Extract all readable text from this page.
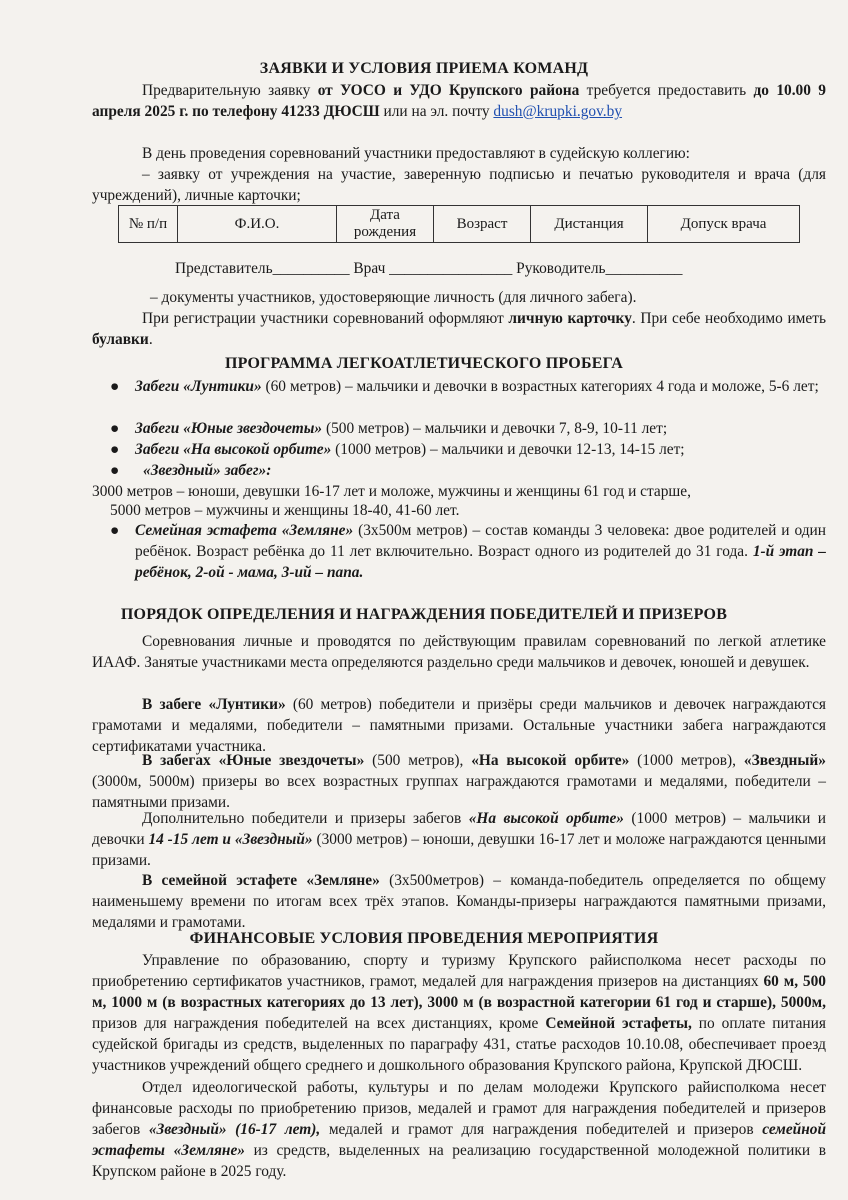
ЗАЯВКИ И УСЛОВИЯ ПРИЕМА КОМАНД

Предварительную заявку от УОСО и УДО Крупского района требуется предоставить до 10.00 9 апреля 2025 г. по телефону 41233 ДЮСШ или на эл. почту dush@krupki.gov.by

В день проведения соревнований участники предоставляют в судейскую коллегию:

– заявку от учреждения на участие, заверенную подписью и печатью руководителя и врача (для учреждений), личные карточки;

№ п/п	Ф.И.О.	Дата рождения	Возраст	Дистанция	Допуск врача
Представитель__________ Врач ________________ Руководитель__________

– документы участников, удостоверяющие личность (для личного забега).

При регистрации участники соревнований оформляют личную карточку. При себе необходимо иметь булавки.

ПРОГРАММА ЛЕГКОАТЛЕТИЧЕСКОГО ПРОБЕГА
● Забеги «Лунтики» (60 метров) – мальчики и девочки в возрастных категориях 4 года и моложе, 5-6 лет;
● Забеги «Юные звездочеты» (500 метров) – мальчики и девочки 7, 8-9, 10-11 лет;
● Забеги «На высокой орбите» (1000 метров) – мальчики и девочки 12-13, 14-15 лет;
●	«Звездный» забег»:

3000 метров – юноши, девушки 16-17 лет и моложе, мужчины и женщины 61 год и старше,

5000 метров – мужчины и женщины 18-40, 41-60 лет.

● Семейная эстафета «Земляне» (3х500м метров) – состав команды 3 человека: двое родителей и один ребёнок. Возраст ребёнка до 11 лет включительно. Возраст одного из родителей до 31 года. 1-й этап – ребёнок, 2-ой - мама, 3-ий – папа.
ПОРЯДОК ОПРЕДЕЛЕНИЯ И НАГРАЖДЕНИЯ ПОБЕДИТЕЛЕЙ И ПРИЗЕРОВ

Соревнования личные и проводятся по действующим правилам соревнований по легкой атлетике ИААФ. Занятые участниками места определяются раздельно среди мальчиков и девочек, юношей и девушек.

В забеге «Лунтики» (60 метров) победители и призёры среди мальчиков и девочек награждаются грамотами и медалями, победители – памятными призами. Остальные участники забега награждаются сертификатами участника.

В забегах «Юные звездочеты» (500 метров), «На высокой орбите» (1000 метров), «Звездный» (3000м, 5000м) призеры во всех возрастных группах награждаются грамотами и медалями, победители – памятными призами.

Дополнительно победители и призеры забегов «На высокой орбите» (1000 метров) – мальчики и девочки 14 -15 лет и «Звездный» (3000 метров) – юноши, девушки 16-17 лет и моложе награждаются ценными призами.

В семейной эстафете «Земляне» (3х500метров) – команда-победитель определяется по общему наименьшему времени по итогам всех трёх этапов. Команды-призеры награждаются памятными призами, медалями и грамотами.

ФИНАНСОВЫЕ УСЛОВИЯ ПРОВЕДЕНИЯ МЕРОПРИЯТИЯ

Управление по образованию, спорту и туризму Крупского райисполкома несет расходы по приобретению сертификатов участников, грамот, медалей для награждения призеров на дистанциях 60 м, 500 м, 1000 м (в возрастных категориях до 13 лет), 3000 м (в возрастной категории 61 год и старше), 5000м, призов для награждения победителей на всех дистанциях, кроме Семейной эстафеты, по оплате питания судейской бригады из средств, выделенных по параграфу 431, статье расходов 10.10.08, обеспечивает проезд участников учреждений общего среднего и дошкольного образования Крупского района, Крупской ДЮСШ.

Отдел идеологической работы, культуры и по делам молодежи Крупского райисполкома несет финансовые расходы по приобретению призов, медалей и грамот для награждения победителей и призеров забегов «Звездный» (16-17 лет), медалей и грамот для награждения победителей и призеров семейной эстафеты «Земляне» из средств, выделенных на реализацию государственной молодежной политики в Крупском районе в 2025 году.
